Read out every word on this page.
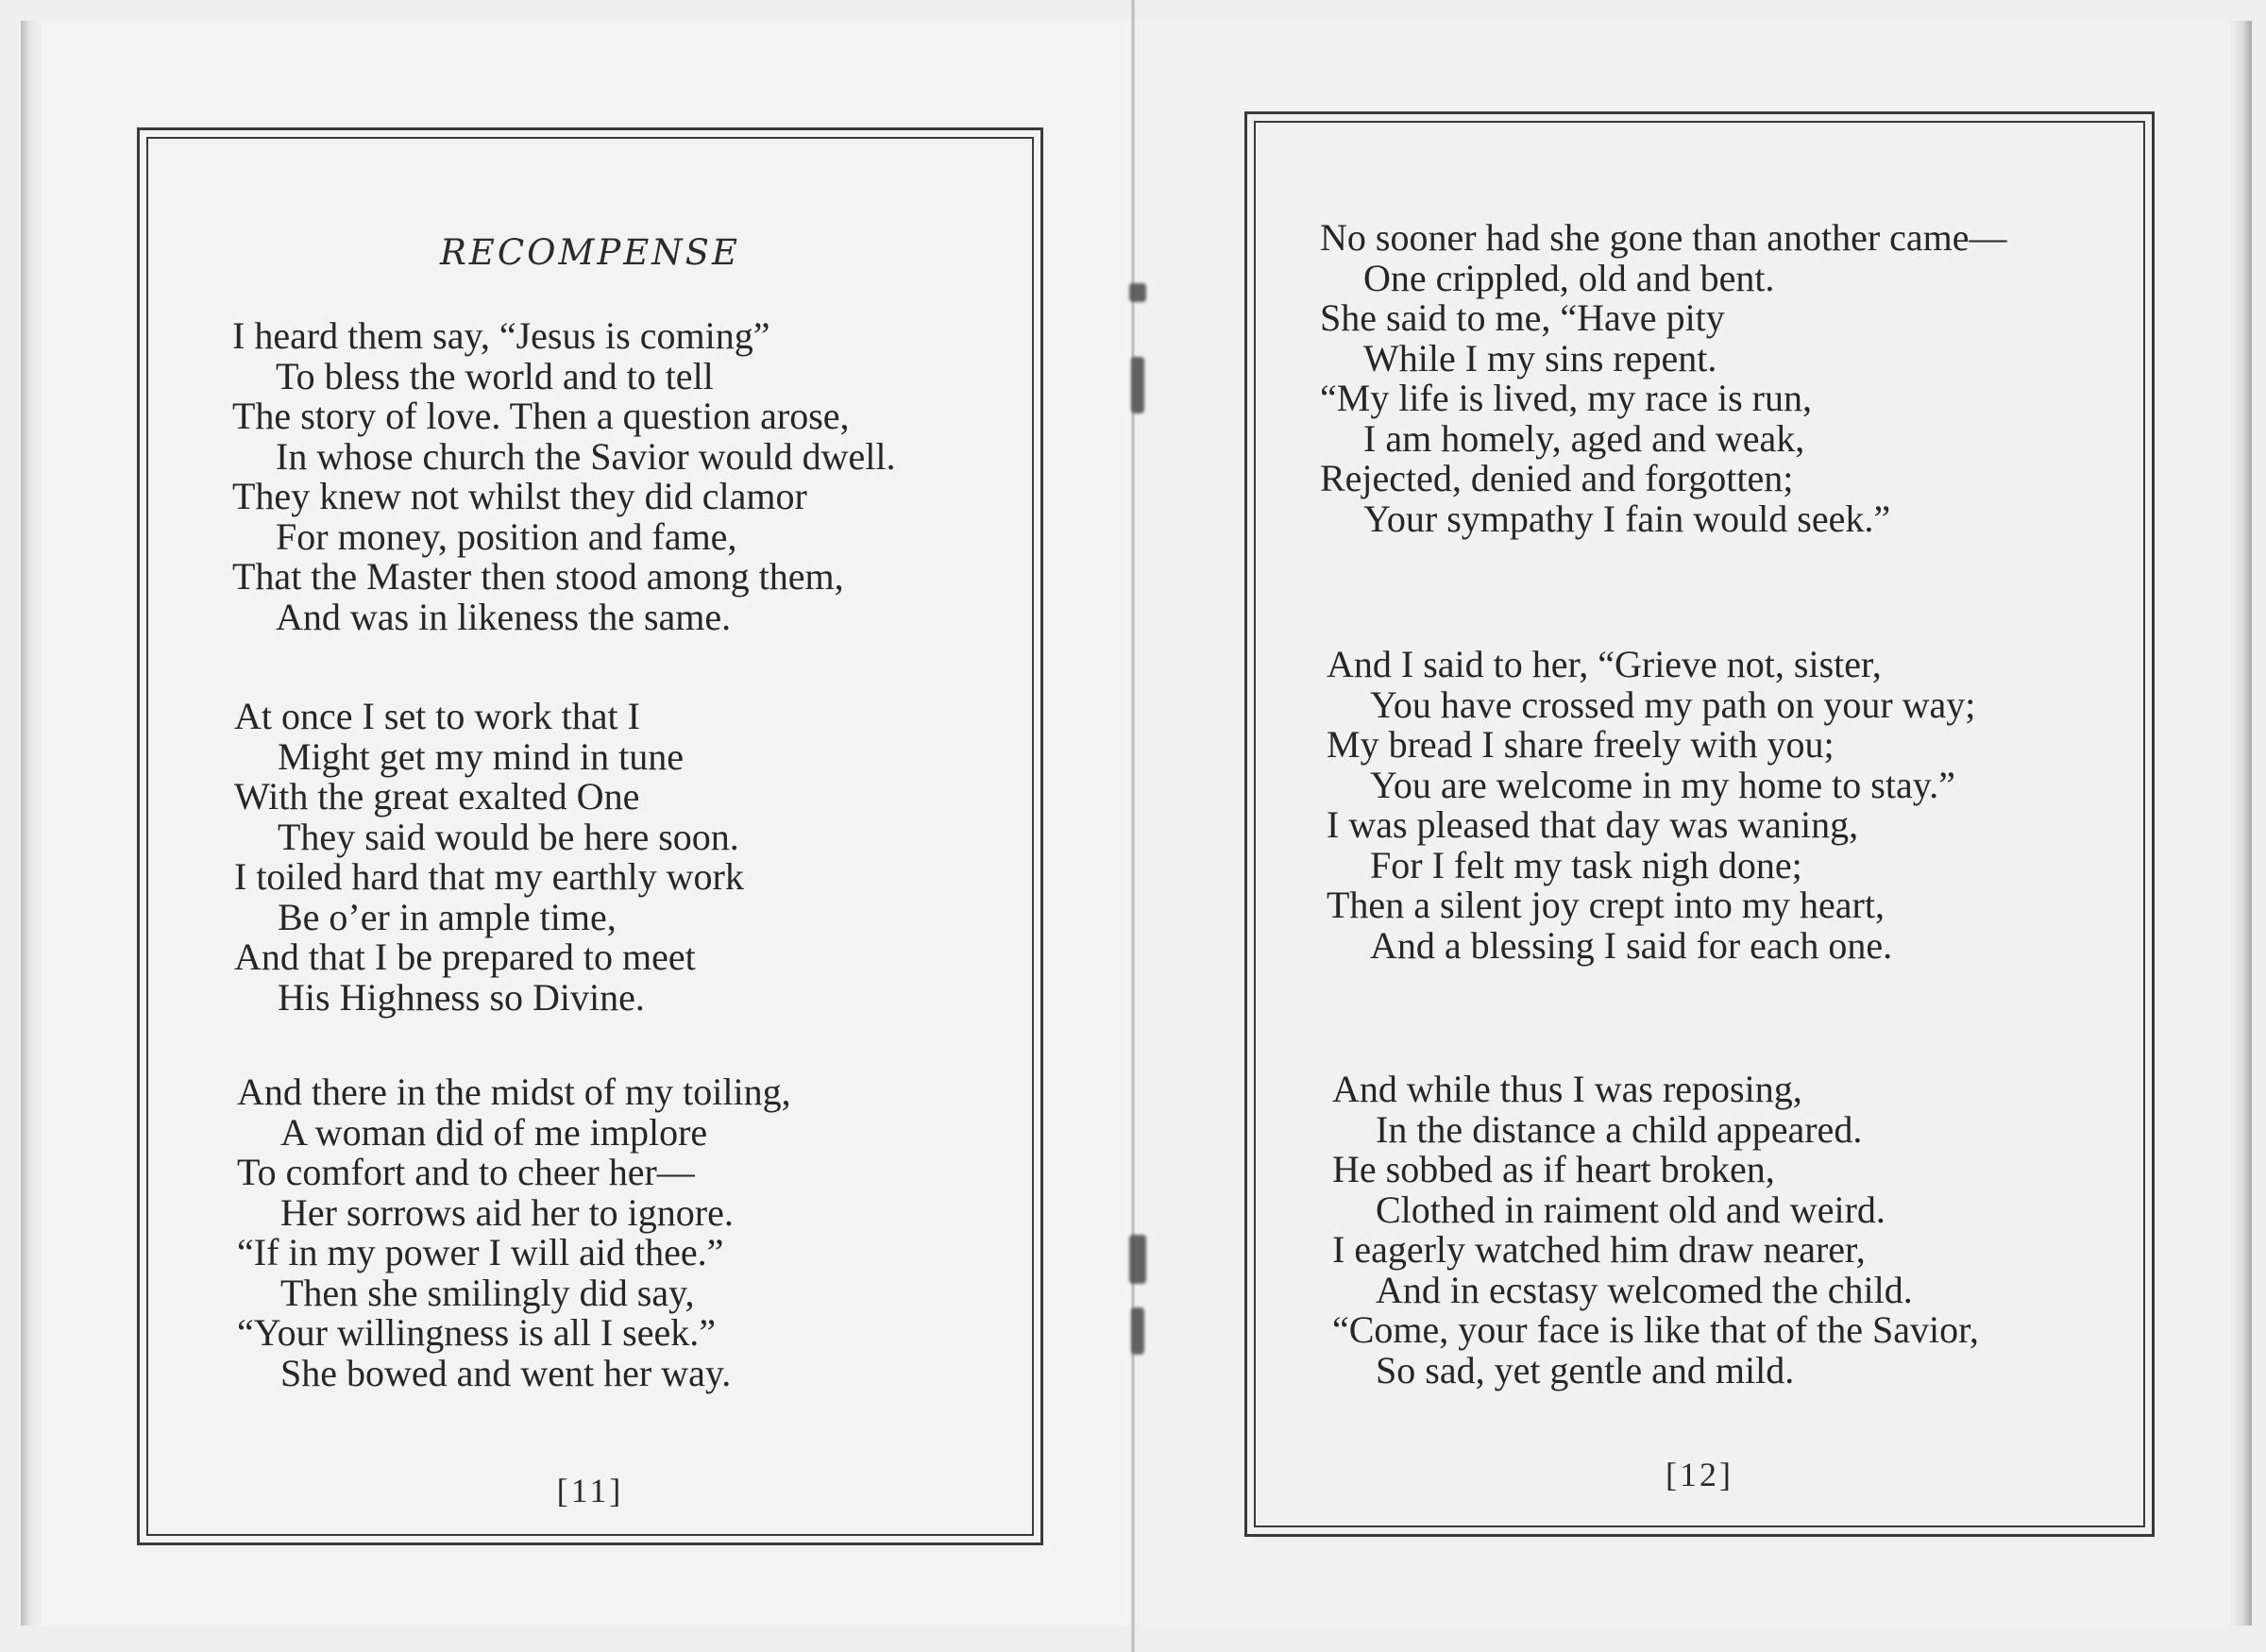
RECOMPENSE
I heard them say, “Jesus is coming”
To bless the world and to tell
The story of love. Then a question arose,
In whose church the Savior would dwell.
They knew not whilst they did clamor
For money, position and fame,
That the Master then stood among them,
And was in likeness the same.
At once I set to work that I
Might get my mind in tune
With the great exalted One
They said would be here soon.
I toiled hard that my earthly work
Be o’er in ample time,
And that I be prepared to meet
His Highness so Divine.
And there in the midst of my toiling,
A woman did of me implore
To comfort and to cheer her—
Her sorrows aid her to ignore.
“If in my power I will aid thee.”
Then she smilingly did say,
“Your willingness is all I seek.”
She bowed and went her way.
[11]
No sooner had she gone than another came—
One crippled, old and bent.
She said to me, “Have pity
While I my sins repent.
“My life is lived, my race is run,
I am homely, aged and weak,
Rejected, denied and forgotten;
Your sympathy I fain would seek.”
And I said to her, “Grieve not, sister,
You have crossed my path on your way;
My bread I share freely with you;
You are welcome in my home to stay.”
I was pleased that day was waning,
For I felt my task nigh done;
Then a silent joy crept into my heart,
And a blessing I said for each one.
And while thus I was reposing,
In the distance a child appeared.
He sobbed as if heart broken,
Clothed in raiment old and weird.
I eagerly watched him draw nearer,
And in ecstasy welcomed the child.
“Come, your face is like that of the Savior,
So sad, yet gentle and mild.
[12]
